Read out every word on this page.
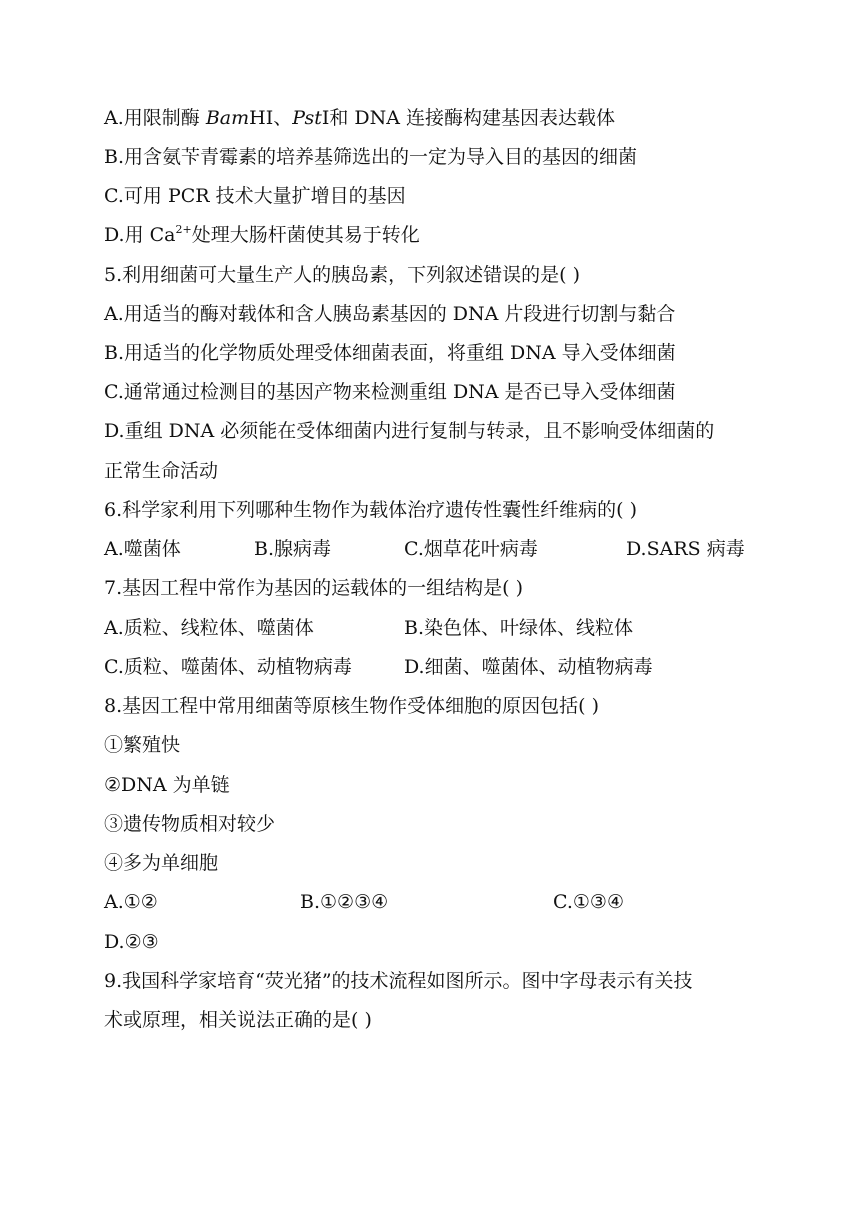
A.用限制酶 BamHⅠ、PstⅠ和 DNA 连接酶构建基因表达载体
B.用含氨苄青霉素的培养基筛选出的一定为导入目的基因的细菌
C.可用 PCR 技术大量扩增目的基因
D.用 $Ca^{2+}$处理大肠杆菌使其易于转化
5.利用细菌可大量生产人的胰岛素，下列叙述错误的是( )
A.用适当的酶对载体和含人胰岛素基因的 DNA 片段进行切割与黏合
B.用适当的化学物质处理受体细菌表面，将重组 DNA 导入受体细菌
C.通常通过检测目的基因产物来检测重组 DNA 是否已导入受体细菌
D.重组 DNA 必须能在受体细菌内进行复制与转录，且不影响受体细菌的
正常生命活动
6.科学家利用下列哪种生物作为载体治疗遗传性囊性纤维病的( )
A.噬菌体	B.腺病毒	C.烟草花叶病毒	D.SARS 病毒
7.基因工程中常作为基因的运载体的一组结构是( )
A.质粒、线粒体、噬菌体	B.染色体、叶绿体、线粒体
C.质粒、噬菌体、动植物病毒	D.细菌、噬菌体、动植物病毒
8.基因工程中常用细菌等原核生物作受体细胞的原因包括( )
①繁殖快
②DNA 为单链
③遗传物质相对较少
④多为单细胞
A.①②	B.①②③④	C.①③④
D.②③
9.我国科学家培育“荧光猪”的技术流程如图所示。图中字母表示有关技
术或原理，相关说法正确的是( )
